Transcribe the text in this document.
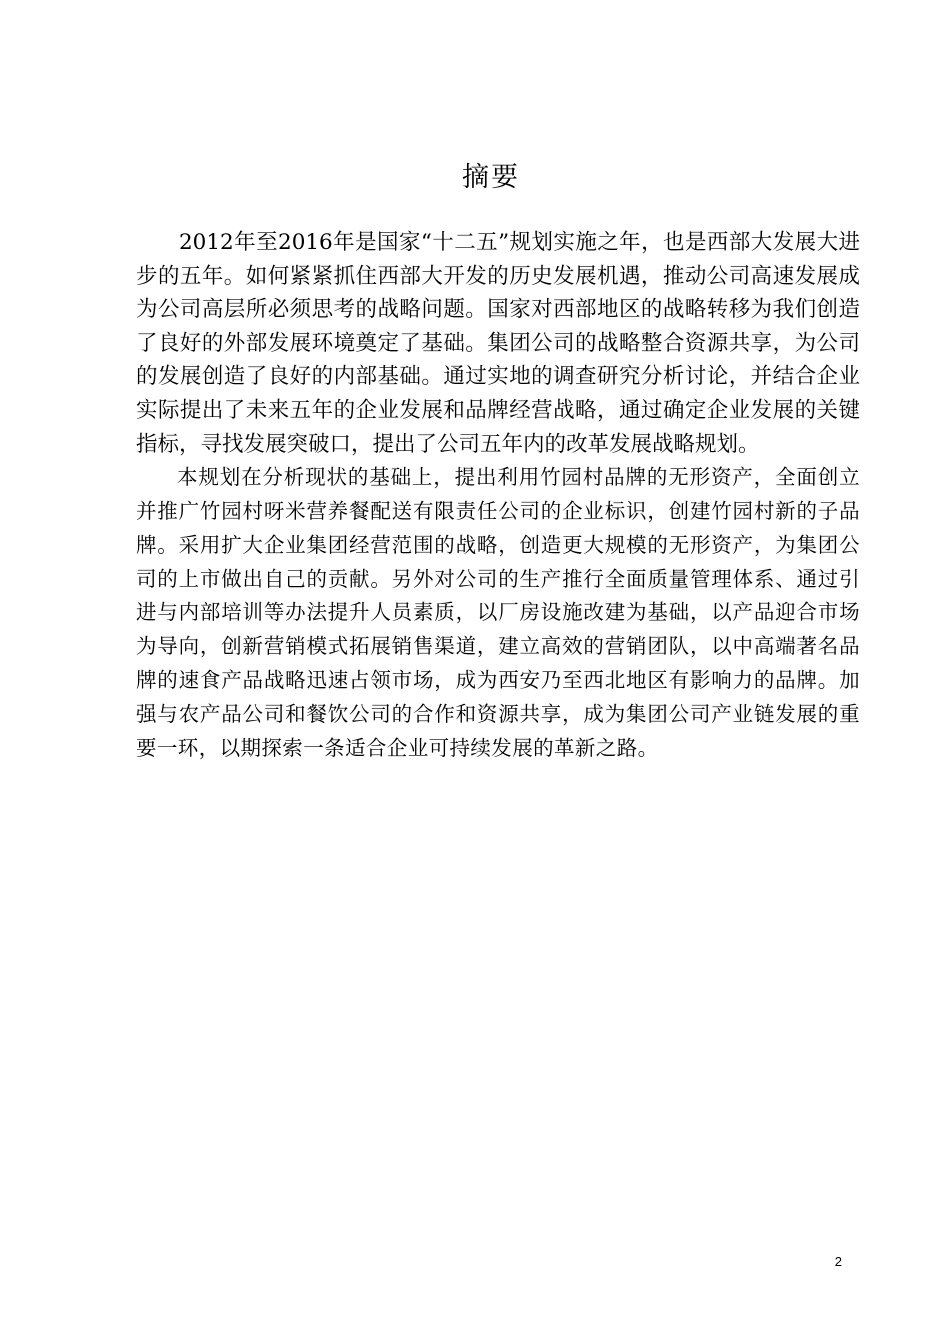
摘要

2012年至2016年是国家“十二五”规划实施之年，也是西部大发展大进步的五年。如何紧紧抓住西部大开发的历史发展机遇，推动公司高速发展成为公司高层所必须思考的战略问题。国家对西部地区的战略转移为我们创造了良好的外部发展环境奠定了基础。集团公司的战略整合资源共享，为公司的发展创造了良好的内部基础。通过实地的调查研究分析讨论，并结合企业实际提出了未来五年的企业发展和品牌经营战略，通过确定企业发展的关键指标，寻找发展突破口，提出了公司五年内的改革发展战略规划。

本规划在分析现状的基础上，提出利用竹园村品牌的无形资产，全面创立并推广竹园村呀米营养餐配送有限责任公司的企业标识，创建竹园村新的子品牌。采用扩大企业集团经营范围的战略，创造更大规模的无形资产，为集团公司的上市做出自己的贡献。另外对公司的生产推行全面质量管理体系、通过引进与内部培训等办法提升人员素质，以厂房设施改建为基础，以产品迎合市场为导向，创新营销模式拓展销售渠道，建立高效的营销团队，以中高端著名品牌的速食产品战略迅速占领市场，成为西安乃至西北地区有影响力的品牌。加强与农产品公司和餐饮公司的合作和资源共享，成为集团公司产业链发展的重要一环，以期探索一条适合企业可持续发展的革新之路。

2
